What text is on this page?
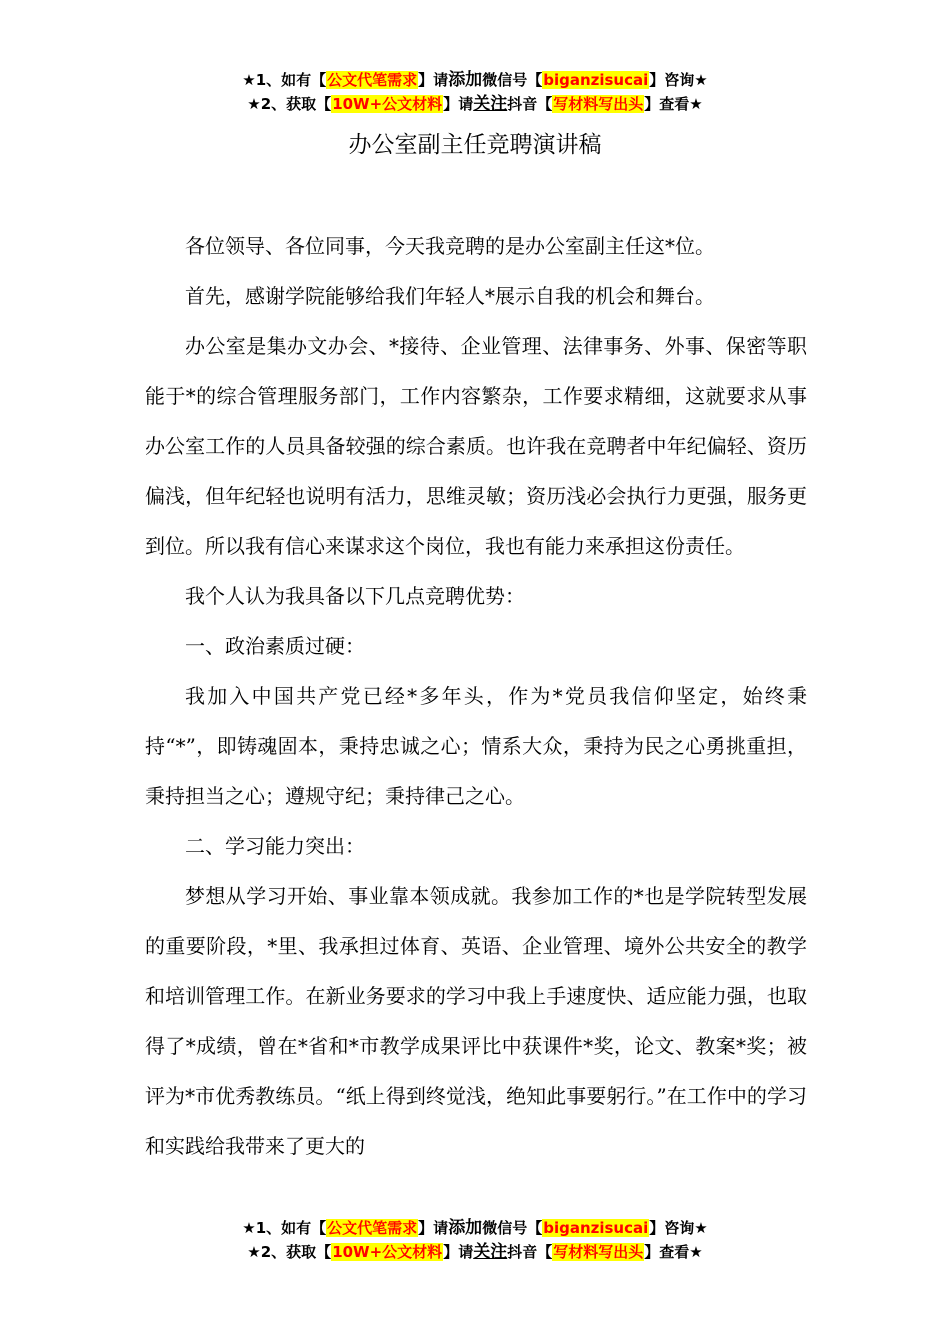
★1、如有【公文代笔需求】请添加微信号【biganzisucai】咨询★
★2、获取【10W+公文材料】请关注抖音【写材料写出头】查看★
办公室副主任竞聘演讲稿

各位领导、各位同事，今天我竞聘的是办公室副主任这*位。

首先，感谢学院能够给我们年轻人*展示自我的机会和舞台。

办公室是集办文办会、*接待、企业管理、法律事务、外事、保密等职能于*的综合管理服务部门，工作内容繁杂，工作要求精细，这就要求从事办公室工作的人员具备较强的综合素质。也许我在竞聘者中年纪偏轻、资历偏浅，但年纪轻也说明有活力，思维灵敏；资历浅必会执行力更强，服务更到位。所以我有信心来谋求这个岗位，我也有能力来承担这份责任。

我个人认为我具备以下几点竞聘优势：

一、政治素质过硬：

我加入中国共产党已经*多年头，作为*党员我信仰坚定，始终秉持“*”，即铸魂固本，秉持忠诚之心；情系大众，秉持为民之心勇挑重担，秉持担当之心；遵规守纪；秉持律己之心。

二、学习能力突出：

梦想从学习开始、事业靠本领成就。我参加工作的*也是学院转型发展的重要阶段，*里、我承担过体育、英语、企业管理、境外公共安全的教学和培训管理工作。在新业务要求的学习中我上手速度快、适应能力强，也取得了*成绩，曾在*省和*市教学成果评比中获课件*奖，论文、教案*奖；被评为*市优秀教练员。“纸上得到终觉浅，绝知此事要躬行。”在工作中的学习和实践给我带来了更大的

★1、如有【公文代笔需求】请添加微信号【biganzisucai】咨询★
★2、获取【10W+公文材料】请关注抖音【写材料写出头】查看★
